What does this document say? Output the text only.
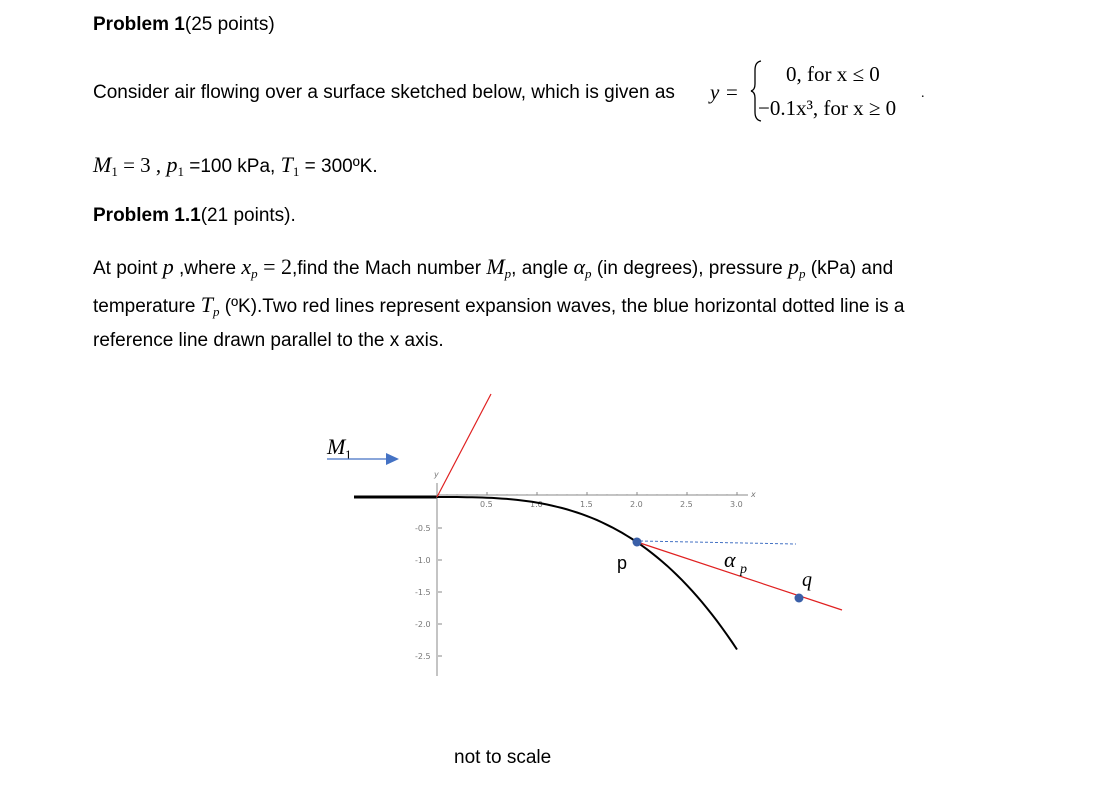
Problem 1(25 points)
Consider air flowing over a surface sketched below, which is given as y =
0, for x ≤ 0
−0.1x³, for x ≥ 0
.
$M_1 = 3$ , $p_1 =100$ kPa, $T_1$ = 300ºK.
Problem 1.1(21 points).
At point p ,where $x_p$ = 2,find the Mach number $M_p$, angle $\alpha_p$ (in degrees), pressure $p_p$ (kPa) and
temperature $T_p$ (ºK).Two red lines represent expansion waves, the blue horizontal dotted line is a
reference line drawn parallel to the x axis.
0.5	1.0	1.5	2.0	2.5	3.0
-0.5
-1.0
-1.5
-2.0
-2.5
y
x
p
q
α p
M 1
not to scale
